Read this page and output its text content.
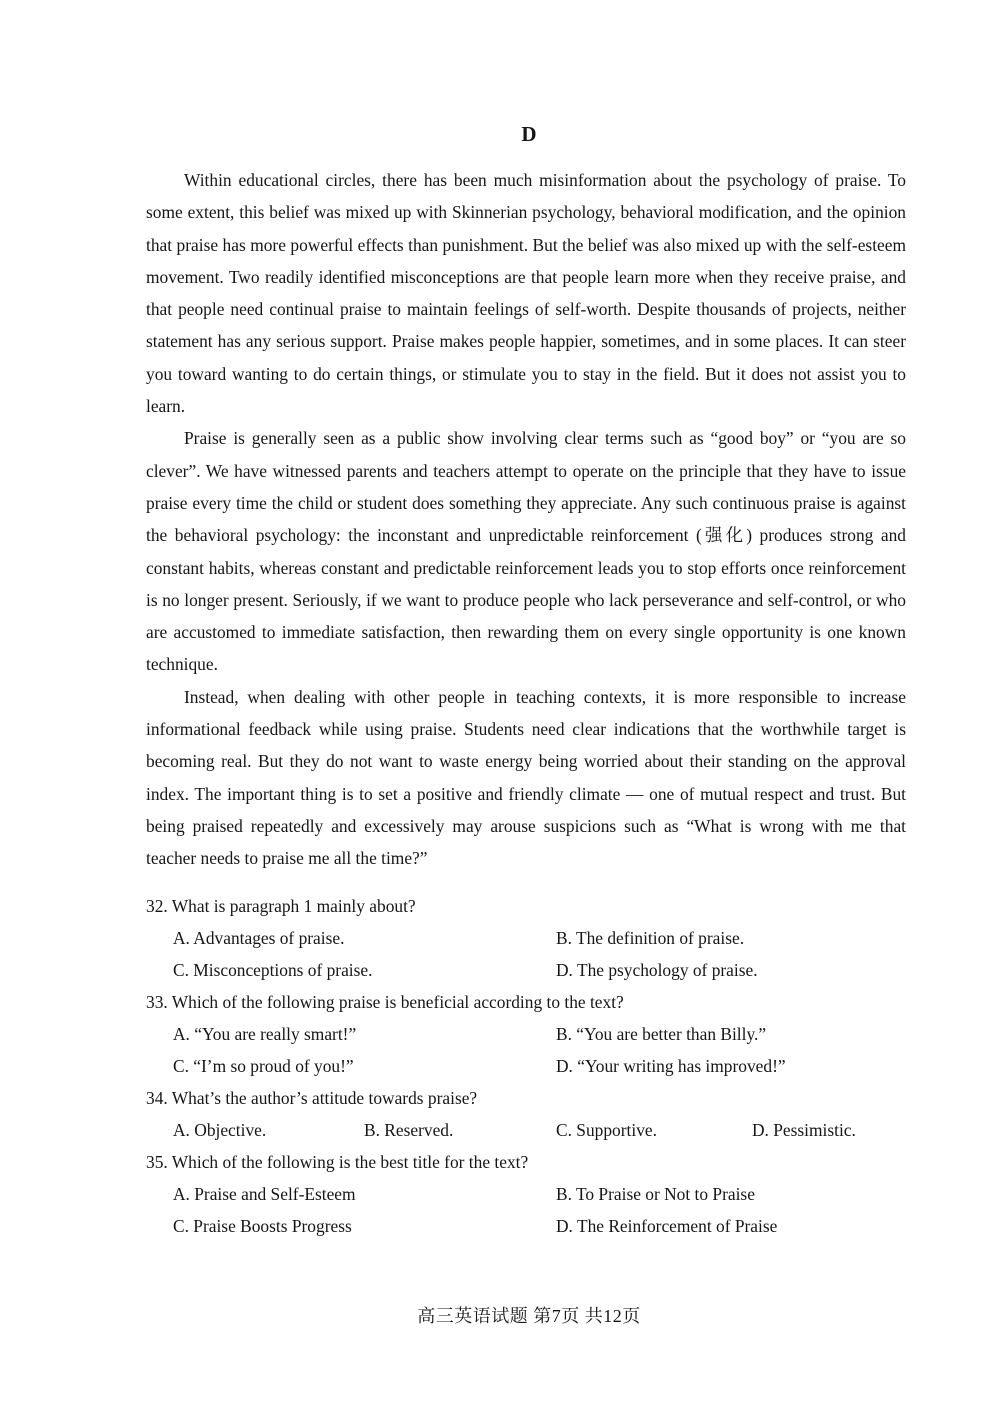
D

Within educational circles, there has been much misinformation about the psychology of praise. To some extent, this belief was mixed up with Skinnerian psychology, behavioral modification, and the opinion that praise has more powerful effects than punishment. But the belief was also mixed up with the self-esteem movement. Two readily identified misconceptions are that people learn more when they receive praise, and that people need continual praise to maintain feelings of self-worth. Despite thousands of projects, neither statement has any serious support. Praise makes people happier, sometimes, and in some places. It can steer you toward wanting to do certain things, or stimulate you to stay in the field. But it does not assist you to learn.

Praise is generally seen as a public show involving clear terms such as “good boy” or “you are so clever”. We have witnessed parents and teachers attempt to operate on the principle that they have to issue praise every time the child or student does something they appreciate. Any such continuous praise is against the behavioral psychology: the inconstant and unpredictable reinforcement (强化) produces strong and constant habits, whereas constant and predictable reinforcement leads you to stop efforts once reinforcement is no longer present. Seriously, if we want to produce people who lack perseverance and self-control, or who are accustomed to immediate satisfaction, then rewarding them on every single opportunity is one known technique.

Instead, when dealing with other people in teaching contexts, it is more responsible to increase informational feedback while using praise. Students need clear indications that the worthwhile target is becoming real. But they do not want to waste energy being worried about their standing on the approval index. The important thing is to set a positive and friendly climate — one of mutual respect and trust. But being praised repeatedly and excessively may arouse suspicions such as “What is wrong with me that teacher needs to praise me all the time?”

32. What is paragraph 1 mainly about?
A. Advantages of praise.	B. The definition of praise.
C. Misconceptions of praise.	D. The psychology of praise.
33. Which of the following praise is beneficial according to the text?
A. “You are really smart!”	B. “You are better than Billy.”
C. “I’m so proud of you!”	D. “Your writing has improved!”
34. What’s the author’s attitude towards praise?
A. Objective.	B. Reserved.	C. Supportive.	D. Pessimistic.
35. Which of the following is the best title for the text?
A. Praise and Self-Esteem	B. To Praise or Not to Praise
C. Praise Boosts Progress	D. The Reinforcement of Praise
高三英语试题 第7页 共12页
